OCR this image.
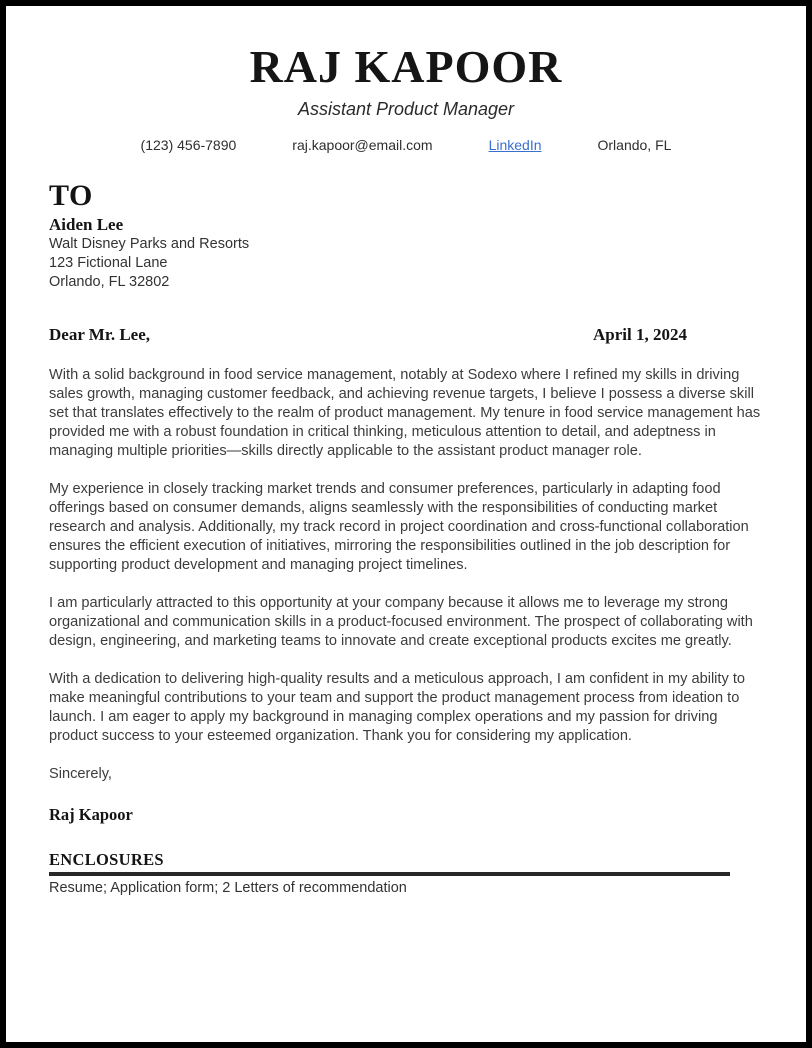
RAJ KAPOOR
Assistant Product Manager
(123) 456-7890	raj.kapoor@email.com	LinkedIn	Orlando, FL
TO
Aiden Lee
Walt Disney Parks and Resorts
123 Fictional Lane
Orlando, FL 32802
Dear Mr. Lee,	April 1, 2024

With a solid background in food service management, notably at Sodexo where I refined my skills in driving sales growth, managing customer feedback, and achieving revenue targets, I believe I possess a diverse skill set that translates effectively to the realm of product management. My tenure in food service management has provided me with a robust foundation in critical thinking, meticulous attention to detail, and adeptness in managing multiple priorities—skills directly applicable to the assistant product manager role.

My experience in closely tracking market trends and consumer preferences, particularly in adapting food offerings based on consumer demands, aligns seamlessly with the responsibilities of conducting market research and analysis. Additionally, my track record in project coordination and cross-functional collaboration ensures the efficient execution of initiatives, mirroring the responsibilities outlined in the job description for supporting product development and managing project timelines.

I am particularly attracted to this opportunity at your company because it allows me to leverage my strong organizational and communication skills in a product-focused environment. The prospect of collaborating with design, engineering, and marketing teams to innovate and create exceptional products excites me greatly.

With a dedication to delivering high-quality results and a meticulous approach, I am confident in my ability to make meaningful contributions to your team and support the product management process from ideation to launch. I am eager to apply my background in managing complex operations and my passion for driving product success to your esteemed organization. Thank you for considering my application.

Sincerely,

Raj Kapoor
ENCLOSURES
Resume; Application form; 2 Letters of recommendation
